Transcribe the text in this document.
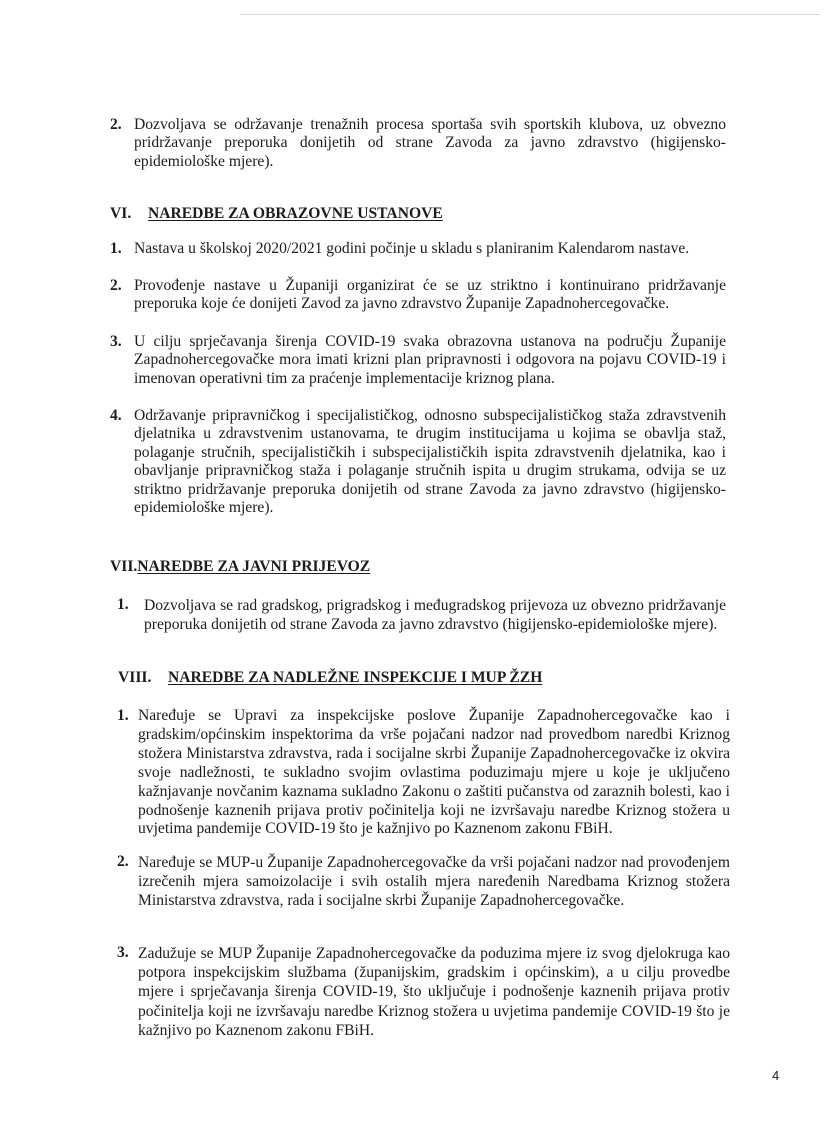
2. Dozvoljava se održavanje trenažnih procesa sportaša svih sportskih klubova, uz obvezno pridržavanje preporuka donijetih od strane Zavoda za javno zdravstvo (higijensko-epidemiološke mjere).
VI. NAREDBE ZA OBRAZOVNE USTANOVE
1. Nastava u školskoj 2020/2021 godini počinje u skladu s planiranim Kalendarom nastave.
2. Provođenje nastave u Županiji organizirat će se uz striktno i kontinuirano pridržavanje preporuka koje će donijeti Zavod za javno zdravstvo Županije Zapadnohercegovačke.
3. U cilju sprječavanja širenja COVID-19 svaka obrazovna ustanova na području Županije Zapadnohercegovačke mora imati krizni plan pripravnosti i odgovora na pojavu COVID-19 i imenovan operativni tim za praćenje implementacije kriznog plana.
4. Održavanje pripravničkog i specijalističkog, odnosno subspecijalističkog staža zdravstvenih djelatnika u zdravstvenim ustanovama, te drugim institucijama u kojima se obavlja staž, polaganje stručnih, specijalističkih i subspecijalističkih ispita zdravstvenih djelatnika, kao i obavljanje pripravničkog staža i polaganje stručnih ispita u drugim strukama, odvija se uz striktno pridržavanje preporuka donijetih od strane Zavoda za javno zdravstvo (higijensko-epidemiološke mjere).
VII.NAREDBE ZA JAVNI PRIJEVOZ
1. Dozvoljava se rad gradskog, prigradskog i međugradskog prijevoza uz obvezno pridržavanje preporuka donijetih od strane Zavoda za javno zdravstvo (higijensko-epidemiološke mjere).
VIII. NAREDBE ZA NADLEŽNE INSPEKCIJE I MUP ŽZH
1. Naređuje se Upravi za inspekcijske poslove Županije Zapadnohercegovačke kao i gradskim/općinskim inspektorima da vrše pojačani nadzor nad provedbom naredbi Kriznog stožera Ministarstva zdravstva, rada i socijalne skrbi Županije Zapadnohercegovačke iz okvira svoje nadležnosti, te sukladno svojim ovlastima poduzimaju mjere u koje je uključeno kažnjavanje novčanim kaznama sukladno Zakonu o zaštiti pučanstva od zaraznih bolesti, kao i podnošenje kaznenih prijava protiv počinitelja koji ne izvršavaju naredbe Kriznog stožera u uvjetima pandemije COVID-19 što je kažnjivo po Kaznenom zakonu FBiH.
2. Naređuje se MUP-u Županije Zapadnohercegovačke da vrši pojačani nadzor nad provođenjem izrečenih mjera samoizolacije i svih ostalih mjera naređenih Naredbama Kriznog stožera Ministarstva zdravstva, rada i socijalne skrbi Županije Zapadnohercegovačke.
3. Zadužuje se MUP Županije Zapadnohercegovačke da poduzima mjere iz svog djelokruga kao potpora inspekcijskim službama (županijskim, gradskim i općinskim), a u cilju provedbe mjere i sprječavanja širenja COVID-19, što uključuje i podnošenje kaznenih prijava protiv počinitelja koji ne izvršavaju naredbe Kriznog stožera u uvjetima pandemije COVID-19 što je kažnjivo po Kaznenom zakonu FBiH.
4
